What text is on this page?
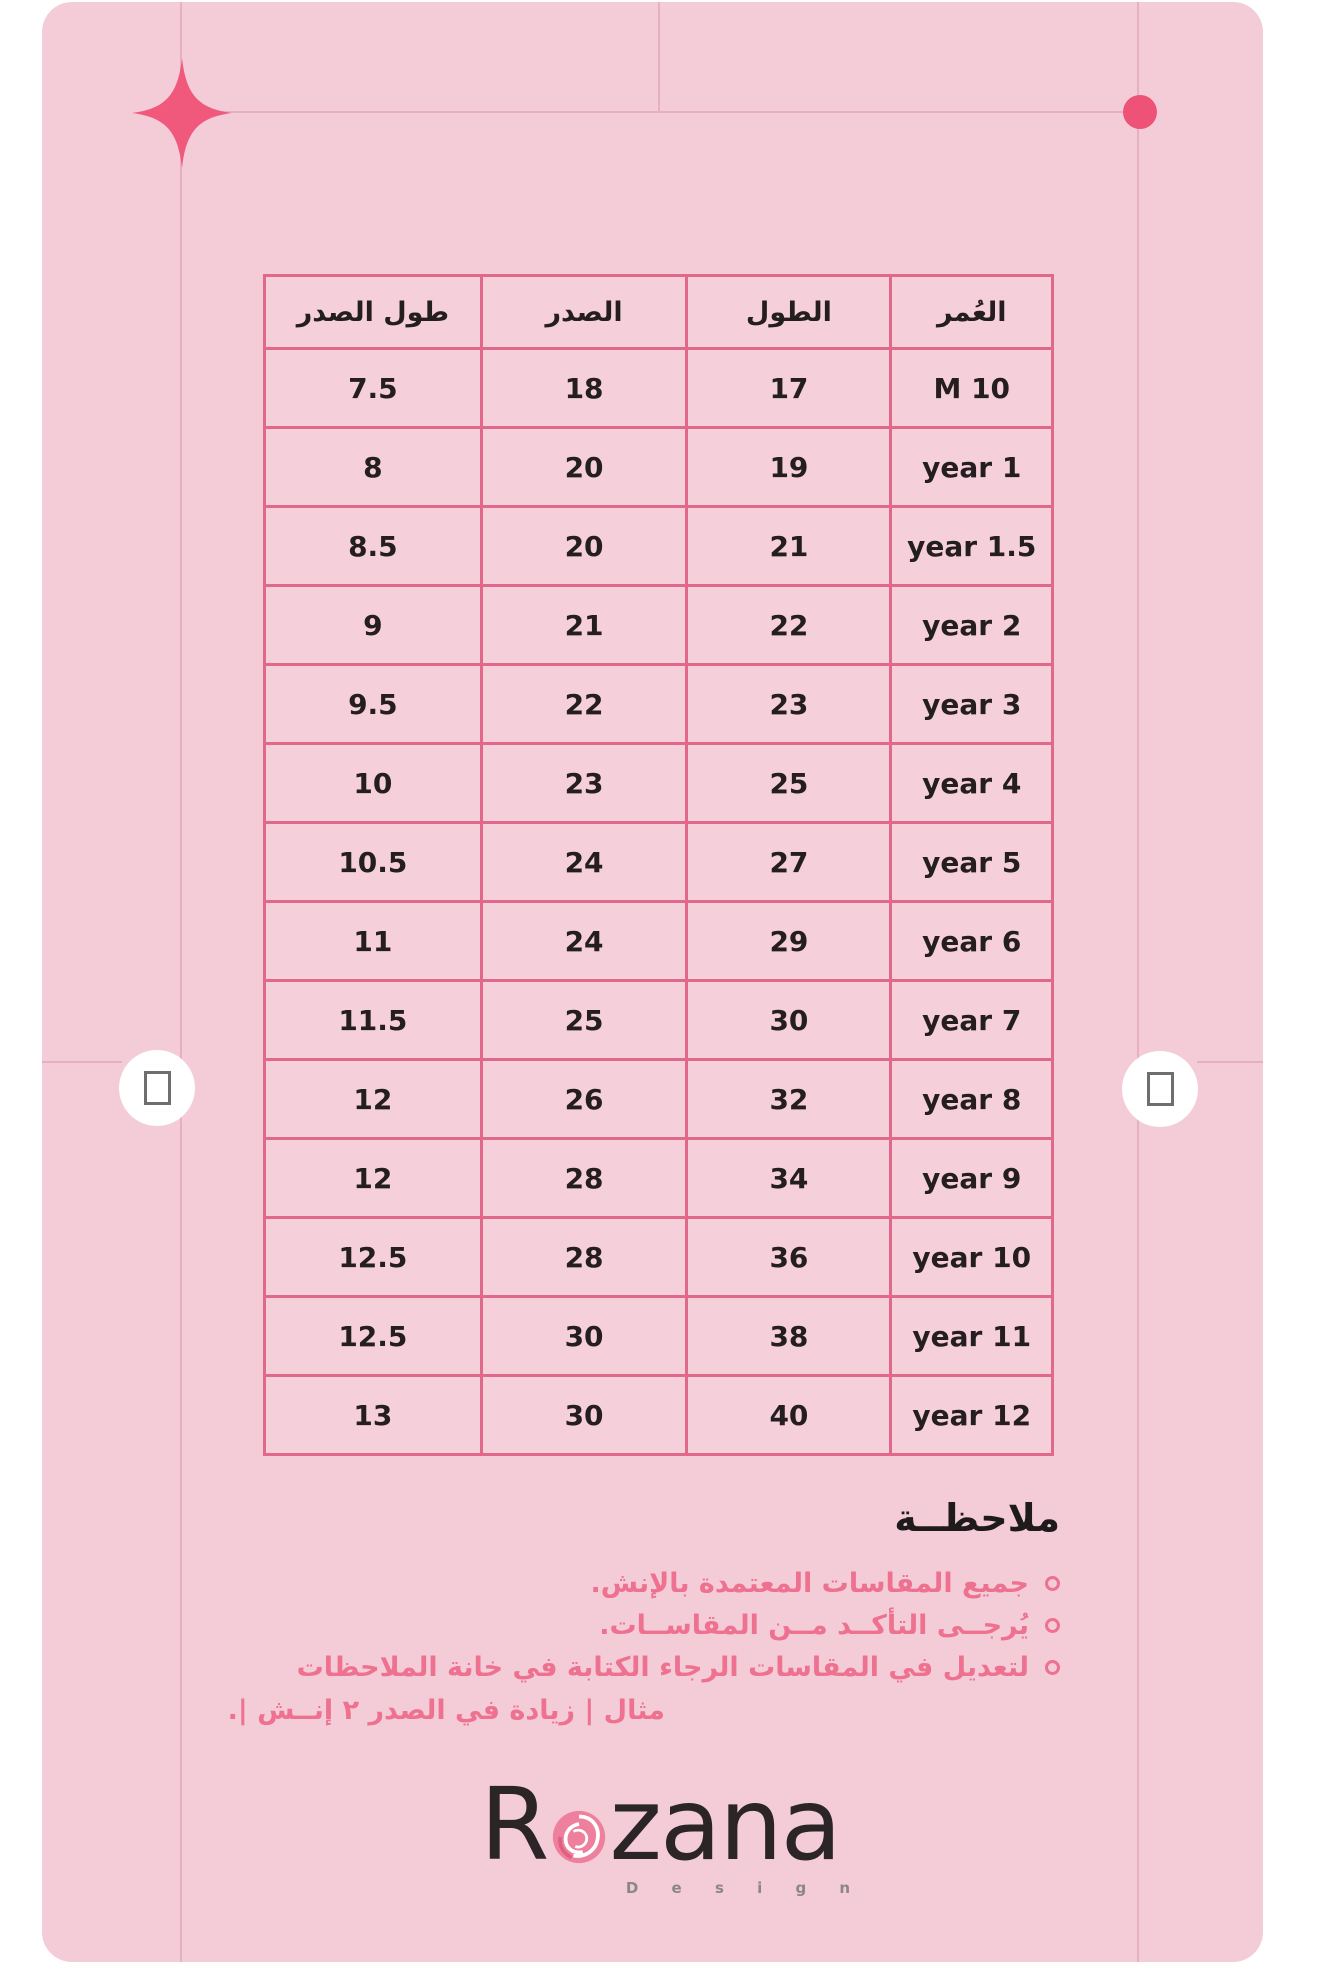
العُمر	الطول	الصدر	طول الصدر
10 M	17	18	7.5
1 year	19	20	8
1.5 year	21	20	8.5
2 year	22	21	9
3 year	23	22	9.5
4 year	25	23	10
5 year	27	24	10.5
6 year	29	24	11
7 year	30	25	11.5
8 year	32	26	12
9 year	34	28	12
10 year	36	28	12.5
11 year	38	30	12.5
12 year	40	30	13
ملاحظــة
جميع المقاسات المعتمدة بالإنش.
يُرجــى التأكــد مــن المقاســات.
لتعديل في المقاسات الرجاء الكتابة في خانة الملاحظات
مثال | زيادة في الصدر ٢ إنــش |.
R zana
D e s i g n
